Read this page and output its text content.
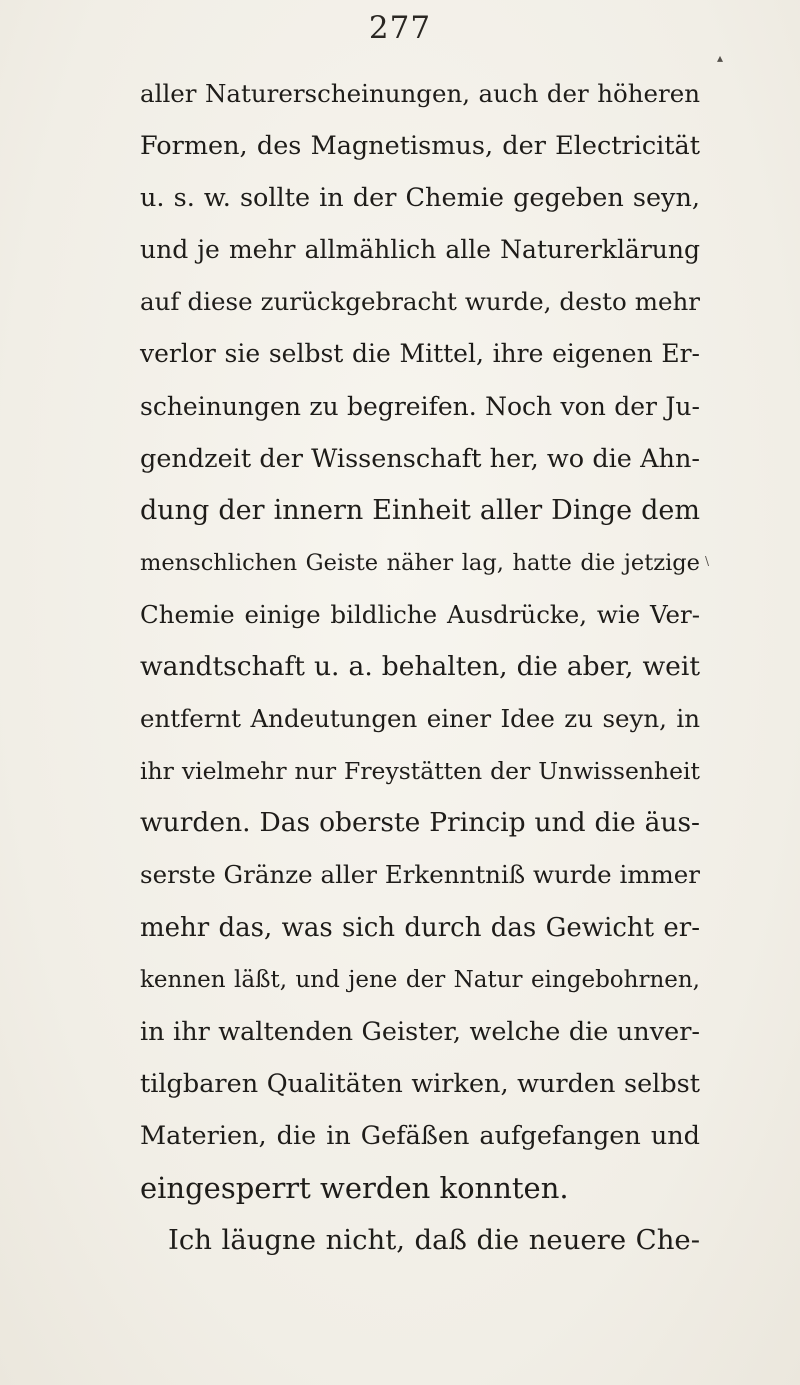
277
▴
\
aller Naturerscheinungen, auch der höheren
Formen, des Magnetismus, der Electricität
u. s. w. sollte in der Chemie gegeben seyn,
und je mehr allmählich alle Naturerklärung
auf diese zurückgebracht wurde, desto mehr
verlor sie selbst die Mittel, ihre eigenen Er-
scheinungen zu begreifen. Noch von der Ju-
gendzeit der Wissenschaft her, wo die Ahn-
dung der innern Einheit aller Dinge dem
menschlichen Geiste näher lag, hatte die jetzige
Chemie einige bildliche Ausdrücke, wie Ver-
wandtschaft u. a. behalten, die aber, weit
entfernt Andeutungen einer Idee zu seyn, in
ihr vielmehr nur Freystätten der Unwissenheit
wurden. Das oberste Princip und die äus-
serste Gränze aller Erkenntniß wurde immer
mehr das, was sich durch das Gewicht er-
kennen läßt, und jene der Natur eingebohrnen,
in ihr waltenden Geister, welche die unver-
tilgbaren Qualitäten wirken, wurden selbst
Materien, die in Gefäßen aufgefangen und
eingesperrt werden konnten.
Ich läugne nicht, daß die neuere Che-
